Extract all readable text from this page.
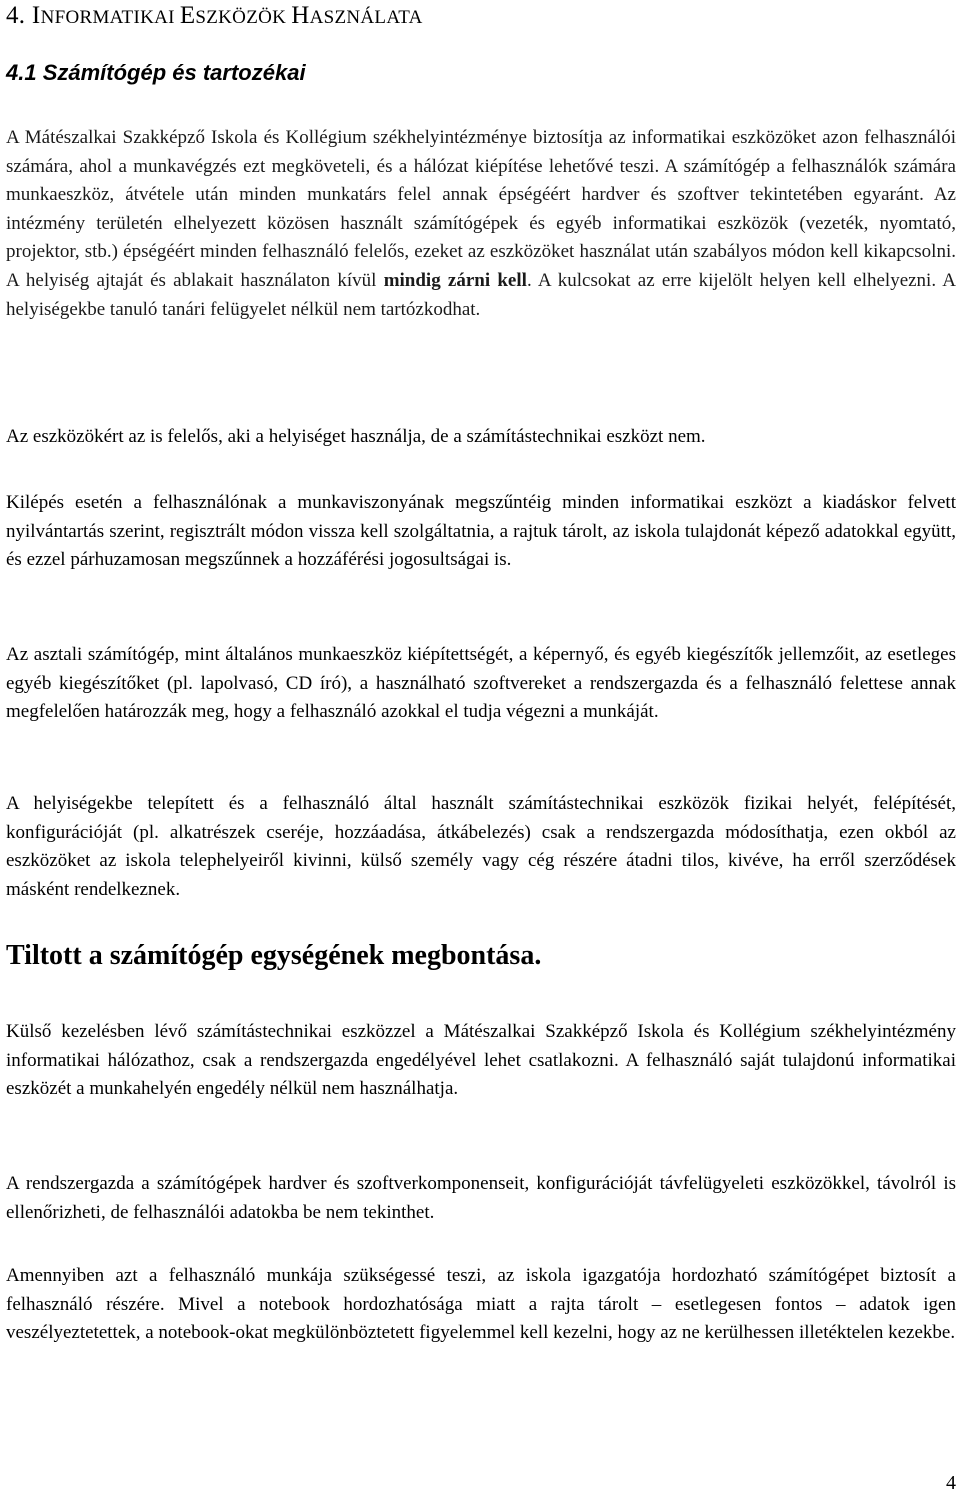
4. INFORMATIKAI ESZKÖZÖK HASZNÁLATA
4.1 Számítógép és tartozékai
A Mátészalkai Szakképző Iskola és Kollégium székhelyintézménye biztosítja az informatikai eszközöket azon felhasználói számára, ahol a munkavégzés ezt megköveteli, és a hálózat kiépítése lehetővé teszi. A számítógép a felhasználók számára munkaeszköz, átvétele után minden munkatárs felel annak épségéért hardver és szoftver tekintetében egyaránt. Az intézmény területén elhelyezett közösen használt számítógépek és egyéb informatikai eszközök (vezeték, nyomtató, projektor, stb.) épségéért minden felhasználó felelős, ezeket az eszközöket használat után szabályos módon kell kikapcsolni. A helyiség ajtaját és ablakait használaton kívül mindig zárni kell. A kulcsokat az erre kijelölt helyen kell elhelyezni. A helyiségekbe tanuló tanári felügyelet nélkül nem tartózkodhat.
Az eszközökért az is felelős, aki a helyiséget használja, de a számítástechnikai eszközt nem.
Kilépés esetén a felhasználónak a munkaviszonyának megszűntéig minden informatikai eszközt a kiadáskor felvett nyilvántartás szerint, regisztrált módon vissza kell szolgáltatnia, a rajtuk tárolt, az iskola tulajdonát képező adatokkal együtt, és ezzel párhuzamosan megszűnnek a hozzáférési jogosultságai is.
Az asztali számítógép, mint általános munkaeszköz kiépítettségét, a képernyő, és egyéb kiegészítők jellemzőit, az esetleges egyéb kiegészítőket (pl. lapolvasó, CD író), a használható szoftvereket a rendszergazda és a felhasználó felettese annak megfelelően határozzák meg, hogy a felhasználó azokkal el tudja végezni a munkáját.
A helyiségekbe telepített és a felhasználó által használt számítástechnikai eszközök fizikai helyét, felépítését, konfigurációját (pl. alkatrészek cseréje, hozzáadása, átkábelezés) csak a rendszergazda módosíthatja, ezen okból az eszközöket az iskola telephelyeiről kivinni, külső személy vagy cég részére átadni tilos, kivéve, ha erről szerződések másként rendelkeznek.
Tiltott a számítógép egységének megbontása.
Külső kezelésben lévő számítástechnikai eszközzel a Mátészalkai Szakképző Iskola és Kollégium székhelyintézmény informatikai hálózathoz, csak a rendszergazda engedélyével lehet csatlakozni. A felhasználó saját tulajdonú informatikai eszközét a munkahelyén engedély nélkül nem használhatja.
A rendszergazda a számítógépek hardver és szoftverkomponenseit, konfigurációját távfelügyeleti eszközökkel, távolról is ellenőrizheti, de felhasználói adatokba be nem tekinthet.
Amennyiben azt a felhasználó munkája szükségessé teszi, az iskola igazgatója hordozható számítógépet biztosít a felhasználó részére. Mivel a notebook hordozhatósága miatt a rajta tárolt – esetlegesen fontos – adatok igen veszélyeztetettek, a notebook-okat megkülönböztetett figyelemmel kell kezelni, hogy az ne kerülhessen illetéktelen kezekbe.
4
